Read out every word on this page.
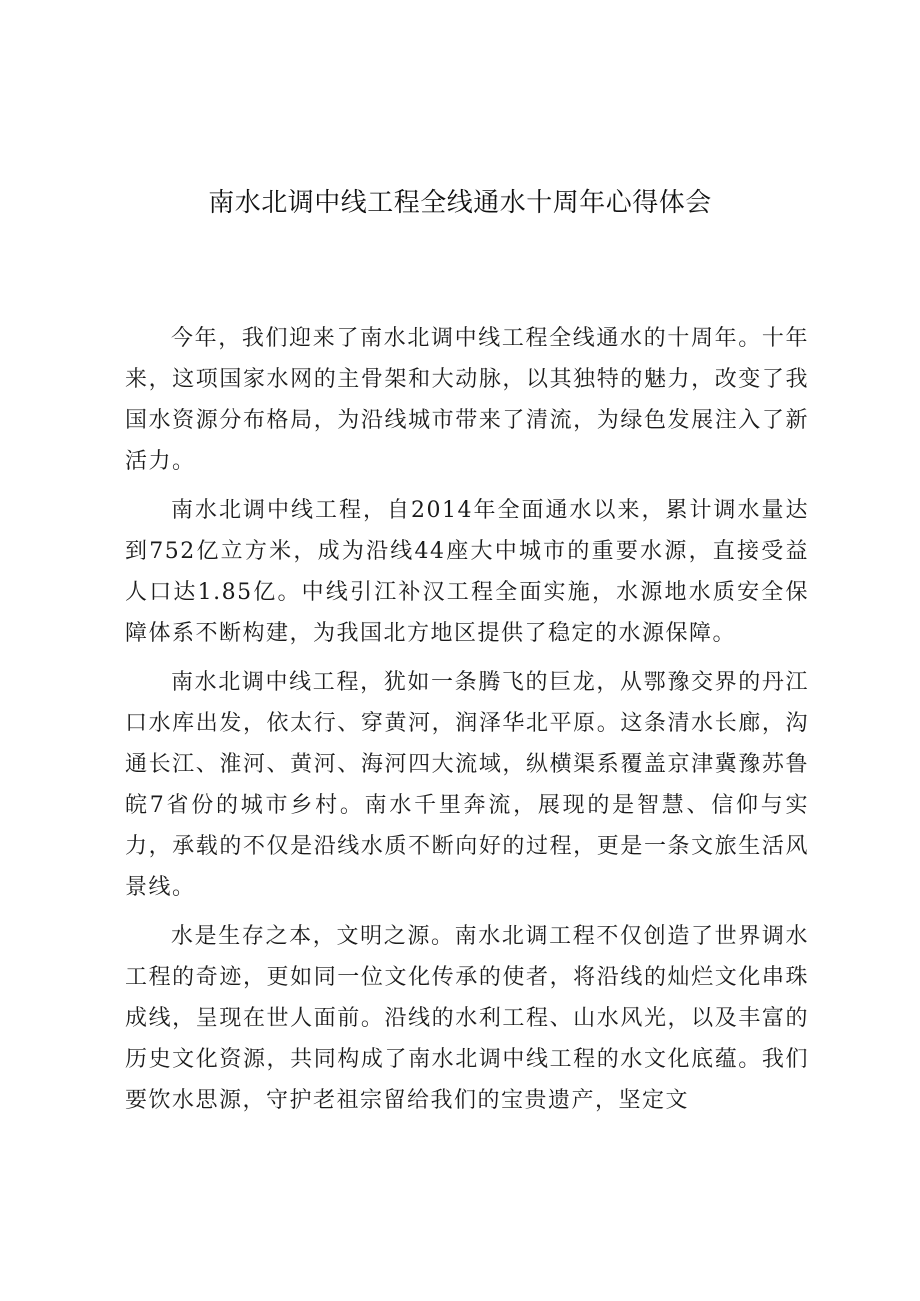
南水北调中线工程全线通水十周年心得体会

今年，我们迎来了南水北调中线工程全线通水的十周年。十年来，这项国家水网的主骨架和大动脉，以其独特的魅力，改变了我国水资源分布格局，为沿线城市带来了清流，为绿色发展注入了新活力。

南水北调中线工程，自2014年全面通水以来，累计调水量达到752亿立方米，成为沿线44座大中城市的重要水源，直接受益人口达1.85亿。中线引江补汉工程全面实施，水源地水质安全保障体系不断构建，为我国北方地区提供了稳定的水源保障。

南水北调中线工程，犹如一条腾飞的巨龙，从鄂豫交界的丹江口水库出发，依太行、穿黄河，润泽华北平原。这条清水长廊，沟通长江、淮河、黄河、海河四大流域，纵横渠系覆盖京津冀豫苏鲁皖7省份的城市乡村。南水千里奔流，展现的是智慧、信仰与实力，承载的不仅是沿线水质不断向好的过程，更是一条文旅生活风景线。

水是生存之本，文明之源。南水北调工程不仅创造了世界调水工程的奇迹，更如同一位文化传承的使者，将沿线的灿烂文化串珠成线，呈现在世人面前。沿线的水利工程、山水风光，以及丰富的历史文化资源，共同构成了南水北调中线工程的水文化底蕴。我们要饮水思源，守护老祖宗留给我们的宝贵遗产，坚定文
